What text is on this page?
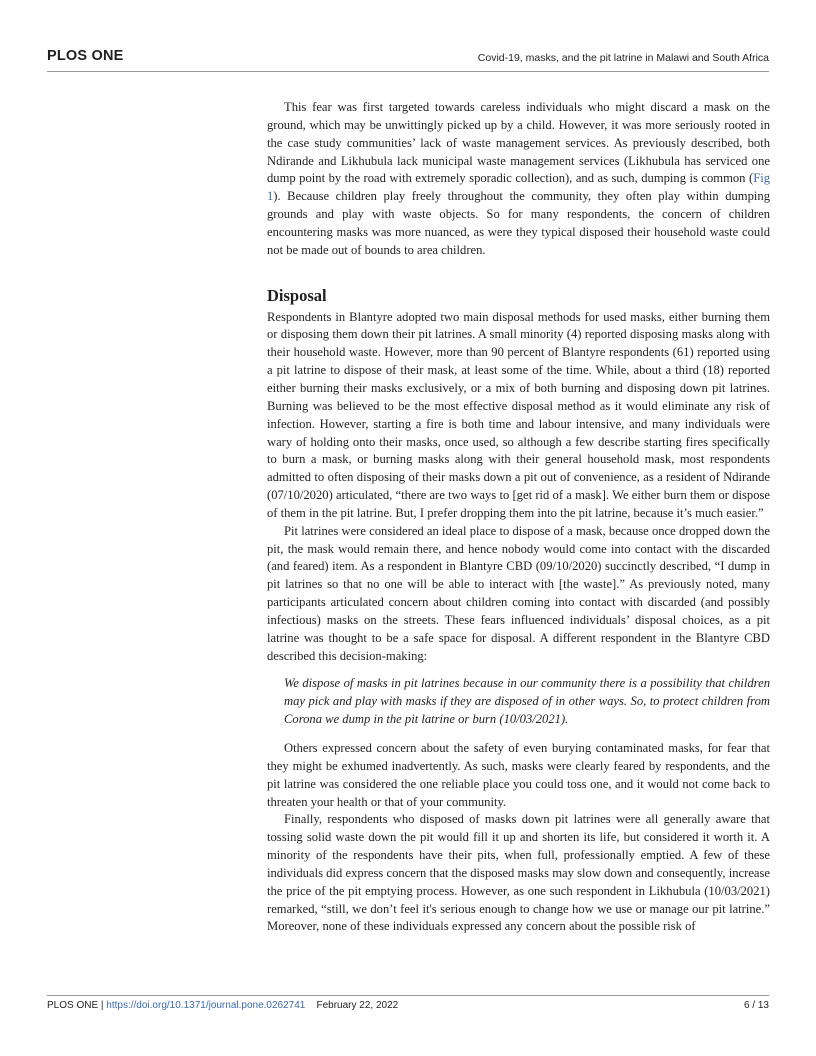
PLOS ONE	Covid-19, masks, and the pit latrine in Malawi and South Africa

This fear was first targeted towards careless individuals who might discard a mask on the ground, which may be unwittingly picked up by a child. However, it was more seriously rooted in the case study communities’ lack of waste management services. As previously described, both Ndirande and Likhubula lack municipal waste management services (Likhubula has serviced one dump point by the road with extremely sporadic collection), and as such, dumping is common (Fig 1). Because children play freely throughout the community, they often play within dumping grounds and play with waste objects. So for many respondents, the concern of children encountering masks was more nuanced, as were they typical disposed their household waste could not be made out of bounds to area children.

Disposal

Respondents in Blantyre adopted two main disposal methods for used masks, either burning them or disposing them down their pit latrines. A small minority (4) reported disposing masks along with their household waste. However, more than 90 percent of Blantyre respondents (61) reported using a pit latrine to dispose of their mask, at least some of the time. While, about a third (18) reported either burning their masks exclusively, or a mix of both burning and disposing down pit latrines. Burning was believed to be the most effective disposal method as it would eliminate any risk of infection. However, starting a fire is both time and labour intensive, and many individuals were wary of holding onto their masks, once used, so although a few describe starting fires specifically to burn a mask, or burning masks along with their general household mask, most respondents admitted to often disposing of their masks down a pit out of convenience, as a resident of Ndirande (07/10/2020) articulated, “there are two ways to [get rid of a mask]. We either burn them or dispose of them in the pit latrine. But, I prefer dropping them into the pit latrine, because it’s much easier.”

Pit latrines were considered an ideal place to dispose of a mask, because once dropped down the pit, the mask would remain there, and hence nobody would come into contact with the discarded (and feared) item. As a respondent in Blantyre CBD (09/10/2020) succinctly described, “I dump in pit latrines so that no one will be able to interact with [the waste].” As previously noted, many participants articulated concern about children coming into contact with discarded (and possibly infectious) masks on the streets. These fears influenced individuals’ disposal choices, as a pit latrine was thought to be a safe space for disposal. A different respondent in the Blantyre CBD described this decision-making:

We dispose of masks in pit latrines because in our community there is a possibility that children may pick and play with masks if they are disposed of in other ways. So, to protect children from Corona we dump in the pit latrine or burn (10/03/2021).

Others expressed concern about the safety of even burying contaminated masks, for fear that they might be exhumed inadvertently. As such, masks were clearly feared by respondents, and the pit latrine was considered the one reliable place you could toss one, and it would not come back to threaten your health or that of your community.

Finally, respondents who disposed of masks down pit latrines were all generally aware that tossing solid waste down the pit would fill it up and shorten its life, but considered it worth it. A minority of the respondents have their pits, when full, professionally emptied. A few of these individuals did express concern that the disposed masks may slow down and consequently, increase the price of the pit emptying process. However, as one such respondent in Likhubula (10/03/2021) remarked, “still, we don’t feel it's serious enough to change how we use or manage our pit latrine.” Moreover, none of these individuals expressed any concern about the possible risk of

PLOS ONE | https://doi.org/10.1371/journal.pone.0262741 February 22, 2022	6 / 13
